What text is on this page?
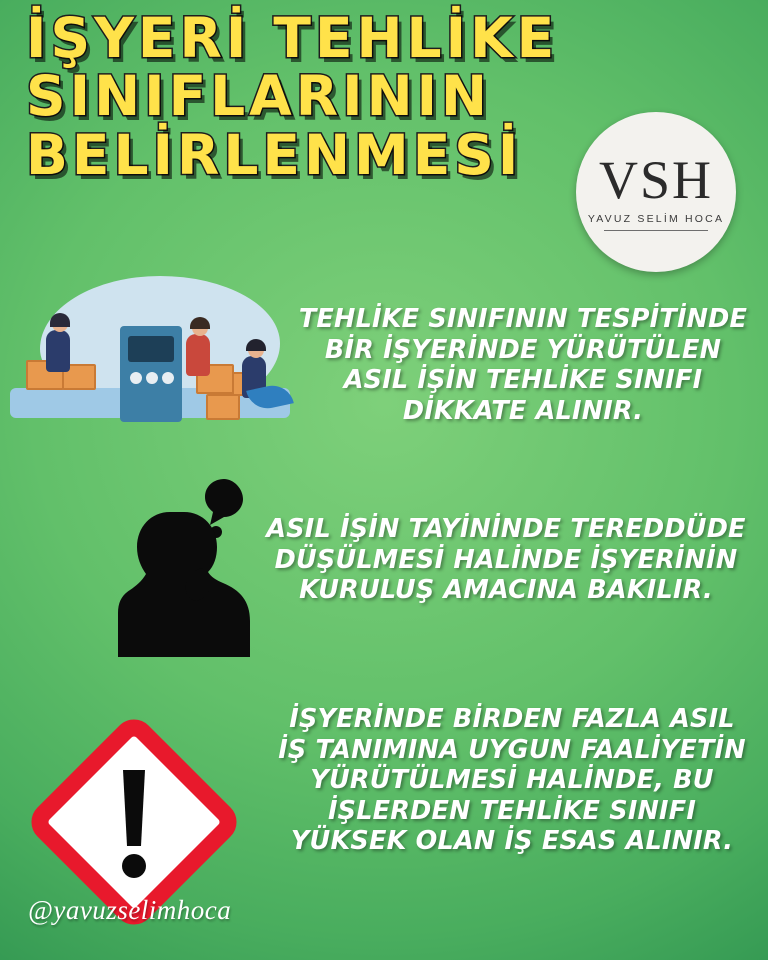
İŞYERİ TEHLİKE
SINIFLARININ
BELİRLENMESİ	VSH
YAVUZ SELİM HOCA
TEHLİKE SINIFININ TESPİTİNDE BİR İŞYERİNDE YÜRÜTÜLEN ASIL İŞİN TEHLİKE SINIFI DİKKATE ALINIR.
ASIL İŞİN TAYİNİNDE TEREDDÜDE DÜŞÜLMESİ HALİNDE İŞYERİNİN KURULUŞ AMACINA BAKILIR.
İŞYERİNDE BİRDEN FAZLA ASIL İŞ TANIMINA UYGUN FAALİYETİN YÜRÜTÜLMESİ HALİNDE, BU İŞLERDEN TEHLİKE SINIFI YÜKSEK OLAN İŞ ESAS ALINIR.
@yavuzselimhoca
